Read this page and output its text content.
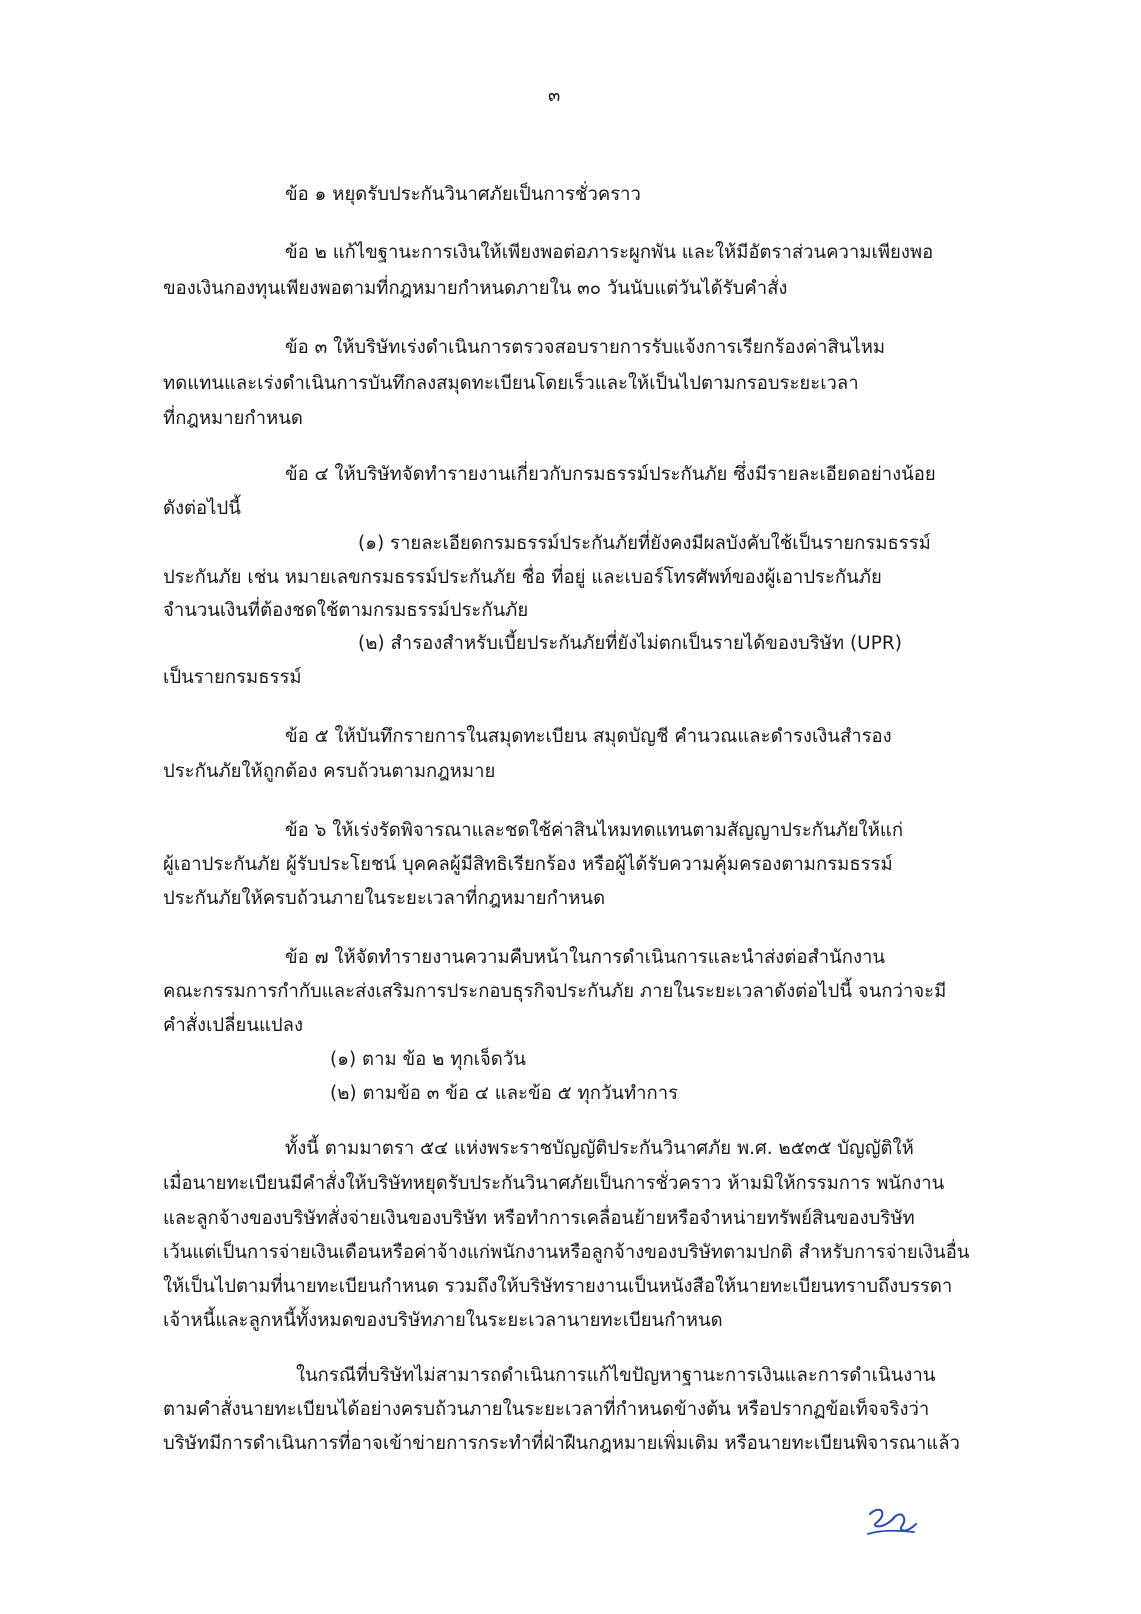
๓
ข้อ ๑ หยุดรับประกันวินาศภัยเป็นการชั่วคราว
ข้อ ๒ แก้ไขฐานะการเงินให้เพียงพอต่อภาระผูกพัน และให้มีอัตราส่วนความเพียงพอ
ของเงินกองทุนเพียงพอตามที่กฎหมายกำหนดภายใน ๓๐ วันนับแต่วันได้รับคำสั่ง
ข้อ ๓ ให้บริษัทเร่งดำเนินการตรวจสอบรายการรับแจ้งการเรียกร้องค่าสินไหม
ทดแทนและเร่งดำเนินการบันทึกลงสมุดทะเบียนโดยเร็วและให้เป็นไปตามกรอบระยะเวลา
ที่กฎหมายกำหนด
ข้อ ๔ ให้บริษัทจัดทำรายงานเกี่ยวกับกรมธรรม์ประกันภัย ซึ่งมีรายละเอียดอย่างน้อย
ดังต่อไปนี้
(๑) รายละเอียดกรมธรรม์ประกันภัยที่ยังคงมีผลบังคับใช้เป็นรายกรมธรรม์
ประกันภัย เช่น หมายเลขกรมธรรม์ประกันภัย ชื่อ ที่อยู่ และเบอร์โทรศัพท์ของผู้เอาประกันภัย
จำนวนเงินที่ต้องชดใช้ตามกรมธรรม์ประกันภัย
(๒) สำรองสำหรับเบี้ยประกันภัยที่ยังไม่ตกเป็นรายได้ของบริษัท (UPR)
เป็นรายกรมธรรม์
ข้อ ๕ ให้บันทึกรายการในสมุดทะเบียน สมุดบัญชี คำนวณและดำรงเงินสำรอง
ประกันภัยให้ถูกต้อง ครบถ้วนตามกฎหมาย
ข้อ ๖ ให้เร่งรัดพิจารณาและชดใช้ค่าสินไหมทดแทนตามสัญญาประกันภัยให้แก่
ผู้เอาประกันภัย ผู้รับประโยชน์ บุคคลผู้มีสิทธิเรียกร้อง หรือผู้ได้รับความคุ้มครองตามกรมธรรม์
ประกันภัยให้ครบถ้วนภายในระยะเวลาที่กฎหมายกำหนด
ข้อ ๗ ให้จัดทำรายงานความคืบหน้าในการดำเนินการและนำส่งต่อสำนักงาน
คณะกรรมการกำกับและส่งเสริมการประกอบธุรกิจประกันภัย ภายในระยะเวลาดังต่อไปนี้ จนกว่าจะมี
คำสั่งเปลี่ยนแปลง
(๑) ตาม ข้อ ๒ ทุกเจ็ดวัน
(๒) ตามข้อ ๓ ข้อ ๔ และข้อ ๕ ทุกวันทำการ
ทั้งนี้ ตามมาตรา ๕๔ แห่งพระราชบัญญัติประกันวินาศภัย พ.ศ. ๒๕๓๕ บัญญัติให้
เมื่อนายทะเบียนมีคำสั่งให้บริษัทหยุดรับประกันวินาศภัยเป็นการชั่วคราว ห้ามมิให้กรรมการ พนักงาน
และลูกจ้างของบริษัทสั่งจ่ายเงินของบริษัท หรือทำการเคลื่อนย้ายหรือจำหน่ายทรัพย์สินของบริษัท
เว้นแต่เป็นการจ่ายเงินเดือนหรือค่าจ้างแก่พนักงานหรือลูกจ้างของบริษัทตามปกติ สำหรับการจ่ายเงินอื่น
ให้เป็นไปตามที่นายทะเบียนกำหนด รวมถึงให้บริษัทรายงานเป็นหนังสือให้นายทะเบียนทราบถึงบรรดา
เจ้าหนี้และลูกหนี้ทั้งหมดของบริษัทภายในระยะเวลานายทะเบียนกำหนด
ในกรณีที่บริษัทไม่สามารถดำเนินการแก้ไขปัญหาฐานะการเงินและการดำเนินงาน
ตามคำสั่งนายทะเบียนได้อย่างครบถ้วนภายในระยะเวลาที่กำหนดข้างต้น หรือปรากฏข้อเท็จจริงว่า
บริษัทมีการดำเนินการที่อาจเข้าข่ายการกระทำที่ฝ่าฝืนกฎหมายเพิ่มเติม หรือนายทะเบียนพิจารณาแล้ว
